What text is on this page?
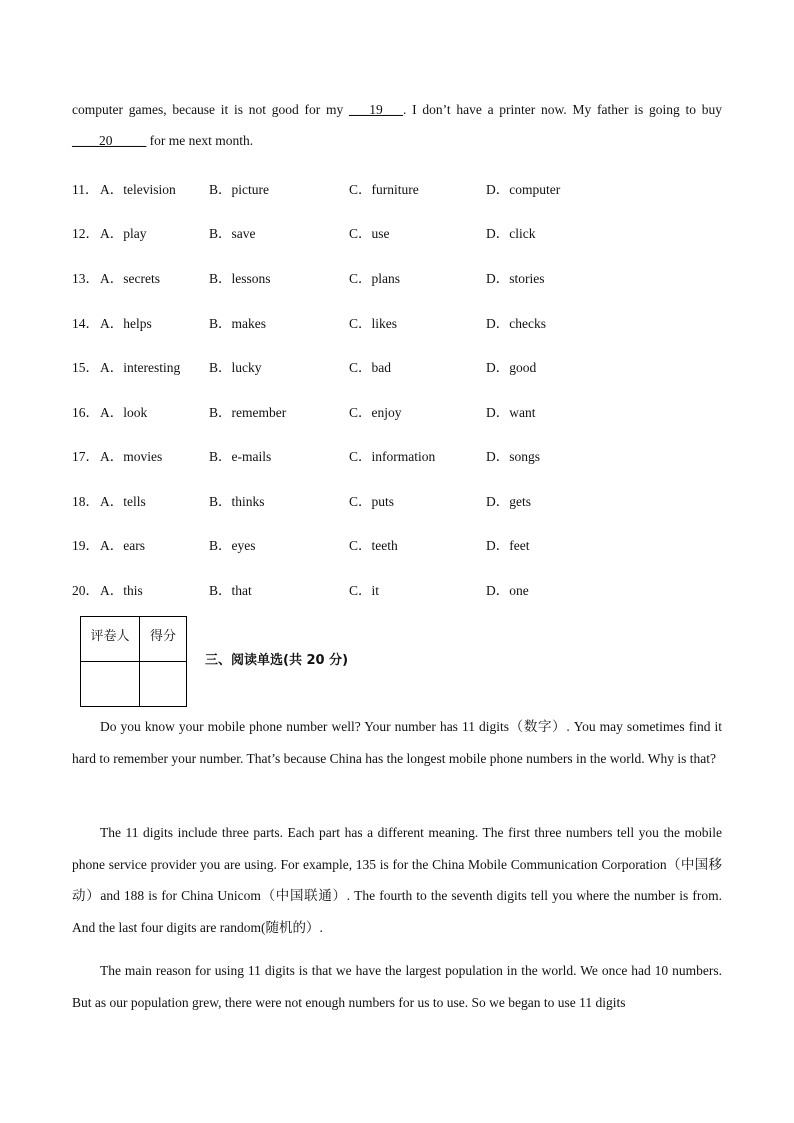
computer games, because it is not good for my ___19___. I don’t have a printer now. My father is going to buy
____20_____ for me next month.
11． A．television B．picture	C．furniture	D．computer
12． A．play	B．save	C．use	D．click
13． A．secrets	B．lessons	C．plans	D．stories
14． A．helps	B．makes	C．likes	D．checks
15． A．interesting B．lucky	C．bad	D．good
16． A．look	B．remember	C．enjoy	D．want
17． A．movies	B．e-mails	C．information	D．songs
18． A．tells	B．thinks	C．puts	D．gets
19． A．ears	B．eyes	C．teeth	D．feet
20． A．this	B．that	C．it	D．one
评卷人	得分

三、阅读单选(共 20 分)
Do you know your mobile phone number well? Your number has 11 digits（数字）. You may sometimes find it hard to remember your number. That’s because China has the longest mobile phone numbers in the world. Why is that?
The 11 digits include three parts. Each part has a different meaning. The first three numbers tell you the mobile phone service provider you are using. For example, 135 is for the China Mobile Communication Corporation（中国移动）and 188 is for China Unicom（中国联通）. The fourth to the seventh digits tell you where the number is from. And the last four digits are random(随机的）.
The main reason for using 11 digits is that we have the largest population in the world. We once had 10 numbers. But as our population grew, there were not enough numbers for us to use. So we began to use 11 digits
